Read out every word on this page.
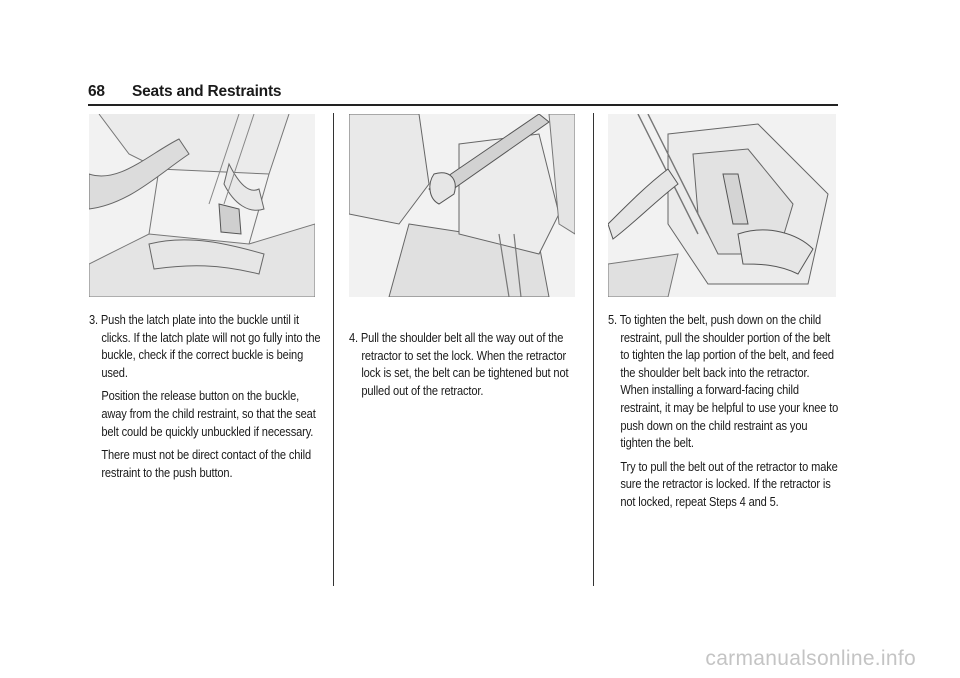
68 Seats and Restraints

3. Push the latch plate into the buckle until it clicks. If the latch plate will not go fully into the buckle, check if the correct buckle is being used.

Position the release button on the buckle, away from the child restraint, so that the seat belt could be quickly unbuckled if necessary.

There must not be direct contact of the child restraint to the push button.

4. Pull the shoulder belt all the way out of the retractor to set the lock. When the retractor lock is set, the belt can be tightened but not pulled out of the retractor.

5. To tighten the belt, push down on the child restraint, pull the shoulder portion of the belt to tighten the lap portion of the belt, and feed the shoulder belt back into the retractor. When installing a forward-facing child restraint, it may be helpful to use your knee to push down on the child restraint as you tighten the belt.

Try to pull the belt out of the retractor to make sure the retractor is locked. If the retractor is not locked, repeat Steps 4 and 5.

carmanualsonline.info
